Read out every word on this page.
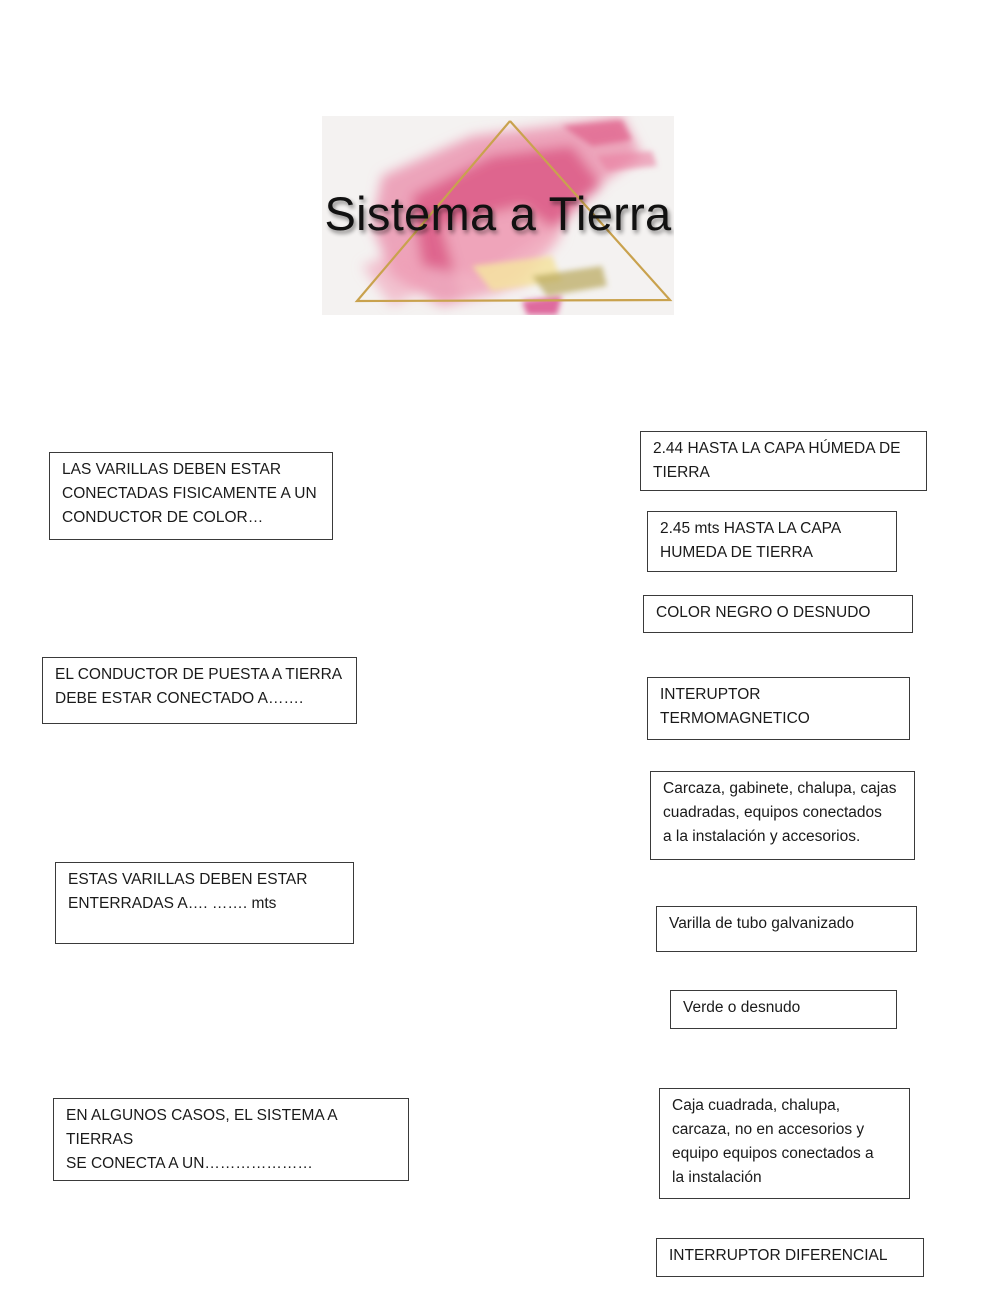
Sistema a Tierra
LAS VARILLAS DEBEN ESTAR
CONECTADAS FISICAMENTE A UN
CONDUCTOR DE COLOR…
EL CONDUCTOR DE PUESTA A TIERRA
DEBE ESTAR CONECTADO A…….
ESTAS VARILLAS DEBEN ESTAR
ENTERRADAS A…. ……. mts
EN ALGUNOS CASOS, EL SISTEMA A TIERRAS
SE CONECTA A UN…………………
2.44 HASTA LA CAPA HÚMEDA DE
TIERRA
2.45 mts HASTA LA CAPA
HUMEDA DE TIERRA
COLOR NEGRO O DESNUDO
INTERUPTOR
TERMOMAGNETICO
Carcaza, gabinete, chalupa, cajas
cuadradas, equipos conectados
a la instalación y accesorios.
Varilla de tubo galvanizado
Verde o desnudo
Caja cuadrada, chalupa,
carcaza, no en accesorios y
equipo equipos conectados a
la instalación
INTERRUPTOR DIFERENCIAL
